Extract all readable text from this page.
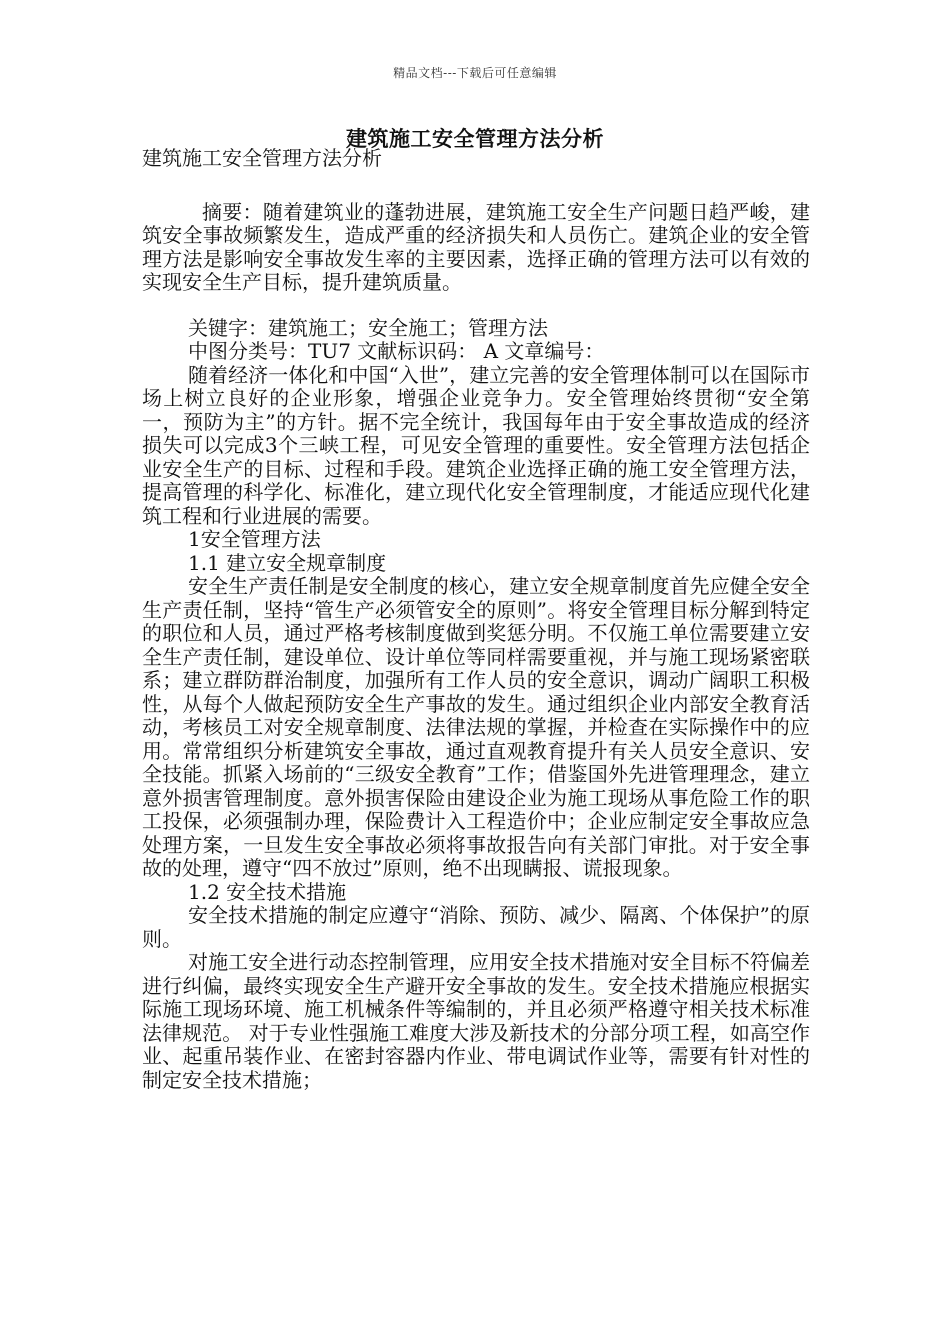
精品文档---下载后可任意编辑
建筑施工安全管理方法分析

建筑施工安全管理方法分析

摘要：随着建筑业的蓬勃进展，建筑施工安全生产问题日趋严峻，建筑安全事故频繁发生，造成严重的经济损失和人员伤亡。建筑企业的安全管理方法是影响安全事故发生率的主要因素，选择正确的管理方法可以有效的实现安全生产目标，提升建筑质量。

关键字：建筑施工；安全施工；管理方法

中图分类号：TU7 文献标识码： A 文章编号：

随着经济一体化和中国“入世”，建立完善的安全管理体制可以在国际市场上树立良好的企业形象，增强企业竞争力。安全管理始终贯彻“安全第一，预防为主”的方针。据不完全统计，我国每年由于安全事故造成的经济损失可以完成3个三峡工程，可见安全管理的重要性。安全管理方法包括企业安全生产的目标、过程和手段。建筑企业选择正确的施工安全管理方法，提高管理的科学化、标准化，建立现代化安全管理制度，才能适应现代化建筑工程和行业进展的需要。

1安全管理方法

1.1 建立安全规章制度

安全生产责任制是安全制度的核心，建立安全规章制度首先应健全安全生产责任制，坚持“管生产必须管安全的原则”。将安全管理目标分解到特定的职位和人员，通过严格考核制度做到奖惩分明。不仅施工单位需要建立安全生产责任制，建设单位、设计单位等同样需要重视，并与施工现场紧密联系；建立群防群治制度，加强所有工作人员的安全意识，调动广阔职工积极性，从每个人做起预防安全生产事故的发生。通过组织企业内部安全教育活动，考核员工对安全规章制度、法律法规的掌握，并检查在实际操作中的应用。常常组织分析建筑安全事故，通过直观教育提升有关人员安全意识、安全技能。抓紧入场前的“三级安全教育”工作；借鉴国外先进管理理念，建立意外损害管理制度。意外损害保险由建设企业为施工现场从事危险工作的职工投保，必须强制办理，保险费计入工程造价中；企业应制定安全事故应急处理方案，一旦发生安全事故必须将事故报告向有关部门审批。对于安全事故的处理，遵守“四不放过”原则，绝不出现瞒报、谎报现象。

1.2 安全技术措施

安全技术措施的制定应遵守“消除、预防、减少、隔离、个体保护”的原则。

对施工安全进行动态控制管理，应用安全技术措施对安全目标不符偏差进行纠偏，最终实现安全生产避开安全事故的发生。安全技术措施应根据实际施工现场环境、施工机械条件等编制的，并且必须严格遵守相关技术标准法律规范。 对于专业性强施工难度大涉及新技术的分部分项工程，如高空作业、起重吊装作业、在密封容器内作业、带电调试作业等，需要有针对性的制定安全技术措施；
